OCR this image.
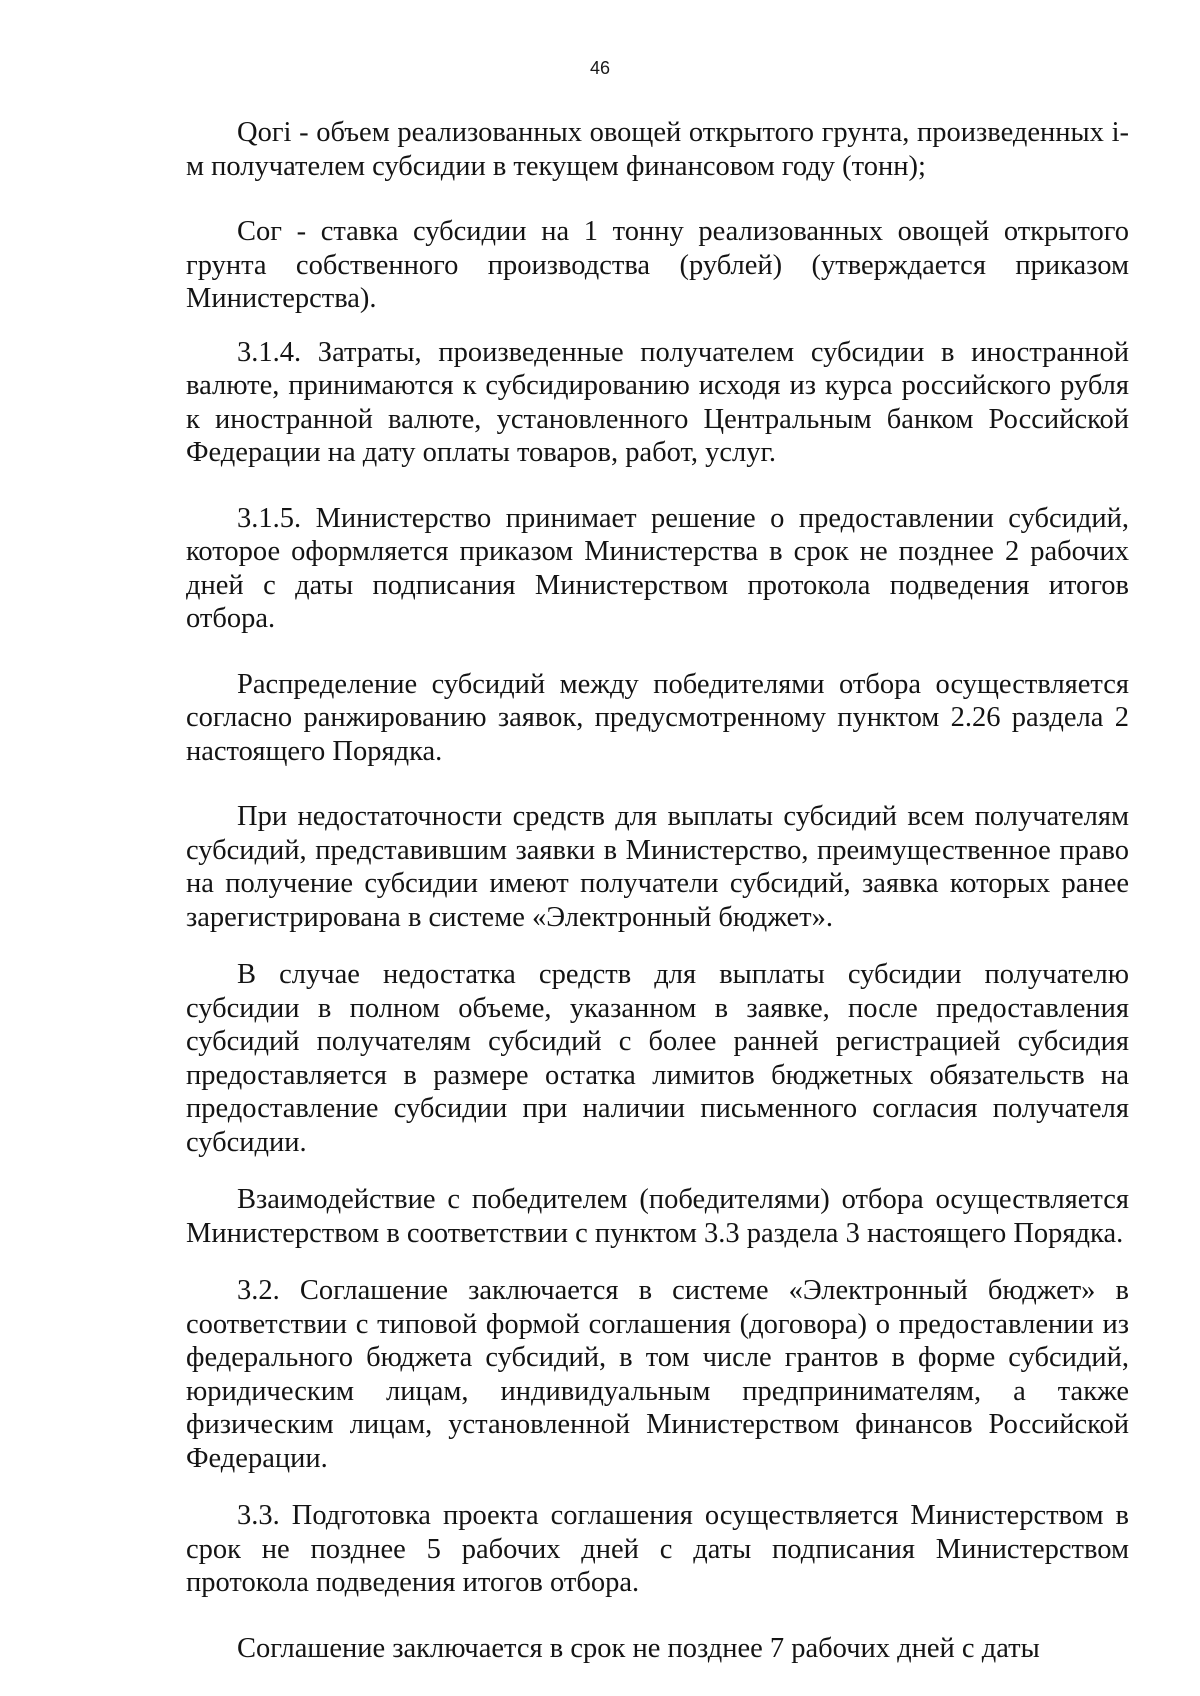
46

Qогi - объем реализованных овощей открытого грунта, произведенных i-м получателем субсидии в текущем финансовом году (тонн);

Cог - ставка субсидии на 1 тонну реализованных овощей открытого грунта собственного производства (рублей) (утверждается приказом Министерства).

3.1.4. Затраты, произведенные получателем субсидии в иностранной валюте, принимаются к субсидированию исходя из курса российского рубля к иностранной валюте, установленного Центральным банком Российской Федерации на дату оплаты товаров, работ, услуг.

3.1.5. Министерство принимает решение о предоставлении субсидий, которое оформляется приказом Министерства в срок не позднее 2 рабочих дней с даты подписания Министерством протокола подведения итогов отбора.

Распределение субсидий между победителями отбора осуществляется согласно ранжированию заявок, предусмотренному пунктом 2.26 раздела 2 настоящего Порядка.

При недостаточности средств для выплаты субсидий всем получателям субсидий, представившим заявки в Министерство, преимущественное право на получение субсидии имеют получатели субсидий, заявка которых ранее зарегистрирована в системе «Электронный бюджет».

В случае недостатка средств для выплаты субсидии получателю субсидии в полном объеме, указанном в заявке, после предоставления субсидий получателям субсидий с более ранней регистрацией субсидия предоставляется в размере остатка лимитов бюджетных обязательств на предоставление субсидии при наличии письменного согласия получателя субсидии.

Взаимодействие с победителем (победителями) отбора осуществляется Министерством в соответствии с пунктом 3.3 раздела 3 настоящего Порядка.

3.2. Соглашение заключается в системе «Электронный бюджет» в соответствии с типовой формой соглашения (договора) о предоставлении из федерального бюджета субсидий, в том числе грантов в форме субсидий, юридическим лицам, индивидуальным предпринимателям, а также физическим лицам, установленной Министерством финансов Российской Федерации.

3.3. Подготовка проекта соглашения осуществляется Министерством в срок не позднее 5 рабочих дней с даты подписания Министерством протокола подведения итогов отбора.

Соглашение заключается в срок не позднее 7 рабочих дней с даты
